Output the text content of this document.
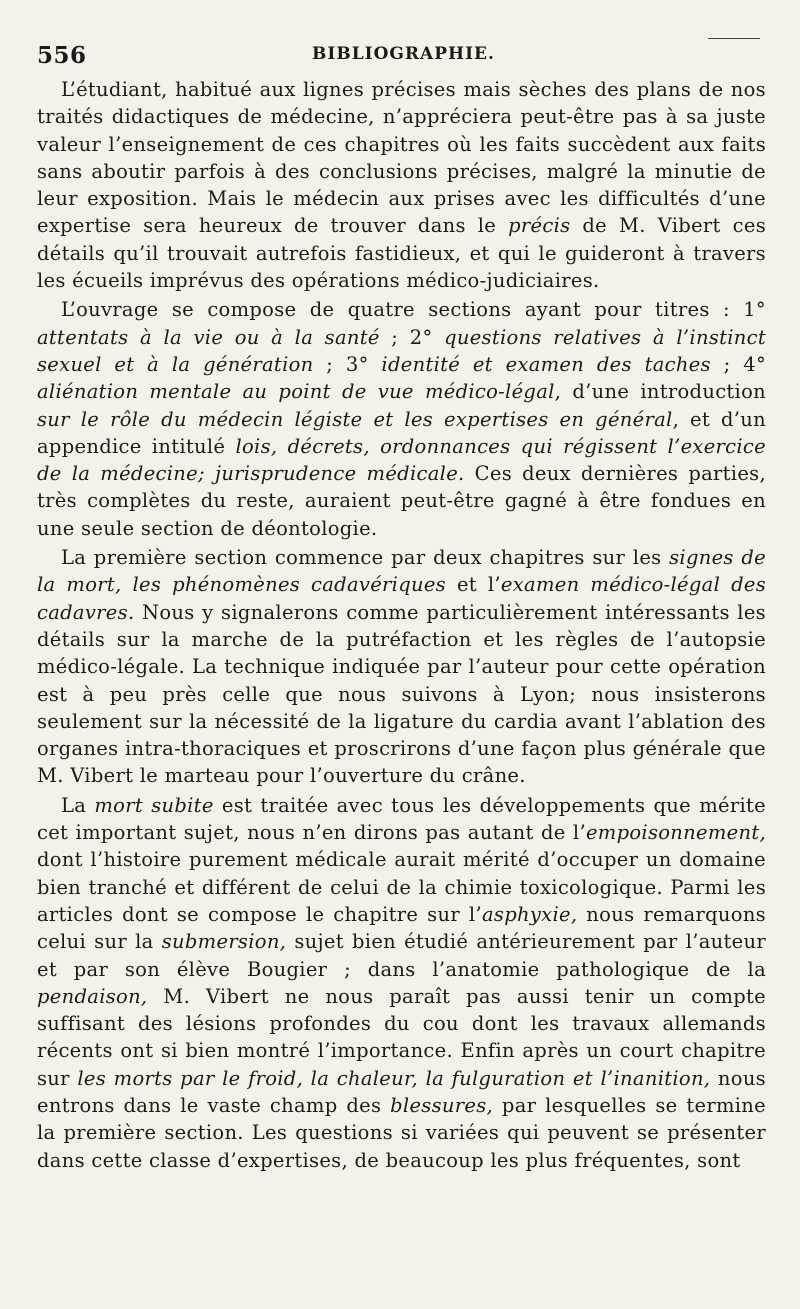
556	BIBLIOGRAPHIE.

L’étudiant, habitué aux lignes précises mais sèches des plans de nos traités didactiques de médecine, n’appréciera peut-être pas à sa juste valeur l’enseignement de ces chapitres où les faits succèdent aux faits sans aboutir parfois à des conclusions précises, malgré la minutie de leur exposition. Mais le médecin aux prises avec les difficultés d’une expertise sera heureux de trouver dans le précis de M. Vibert ces détails qu’il trouvait autrefois fastidieux, et qui le guideront à travers les écueils imprévus des opérations médico-judiciaires.

L’ouvrage se compose de quatre sections ayant pour titres : 1° attentats à la vie ou à la santé ; 2° questions relatives à l’instinct sexuel et à la génération ; 3° identité et examen des taches ; 4° aliénation mentale au point de vue médico-légal, d’une introduction sur le rôle du médecin légiste et les expertises en général, et d’un appendice intitulé lois, décrets, ordonnances qui régissent l’exercice de la médecine; jurisprudence médicale. Ces deux dernières parties, très complètes du reste, auraient peut-être gagné à être fondues en une seule section de déontologie.

La première section commence par deux chapitres sur les signes de la mort, les phénomènes cadavériques et l’examen médico-légal des cadavres. Nous y signalerons comme particulièrement intéressants les détails sur la marche de la putréfaction et les règles de l’autopsie médico-légale. La technique indiquée par l’auteur pour cette opération est à peu près celle que nous suivons à Lyon; nous insisterons seulement sur la nécessité de la ligature du cardia avant l’ablation des organes intra-thoraciques et proscrirons d’une façon plus générale que M. Vibert le marteau pour l’ouverture du crâne.

La mort subite est traitée avec tous les développements que mérite cet important sujet, nous n’en dirons pas autant de l’empoisonnement, dont l’histoire purement médicale aurait mérité d’occuper un domaine bien tranché et différent de celui de la chimie toxicologique. Parmi les articles dont se compose le chapitre sur l’asphyxie, nous remarquons celui sur la submersion, sujet bien étudié antérieurement par l’auteur et par son élève Bougier ; dans l’anatomie pathologique de la pendaison, M. Vibert ne nous paraît pas aussi tenir un compte suffisant des lésions profondes du cou dont les travaux allemands récents ont si bien montré l’importance. Enfin après un court chapitre sur les morts par le froid, la chaleur, la fulguration et l’inanition, nous entrons dans le vaste champ des blessures, par lesquelles se termine la première section. Les questions si variées qui peuvent se présenter dans cette classe d’expertises, de beaucoup les plus fréquentes, sont
